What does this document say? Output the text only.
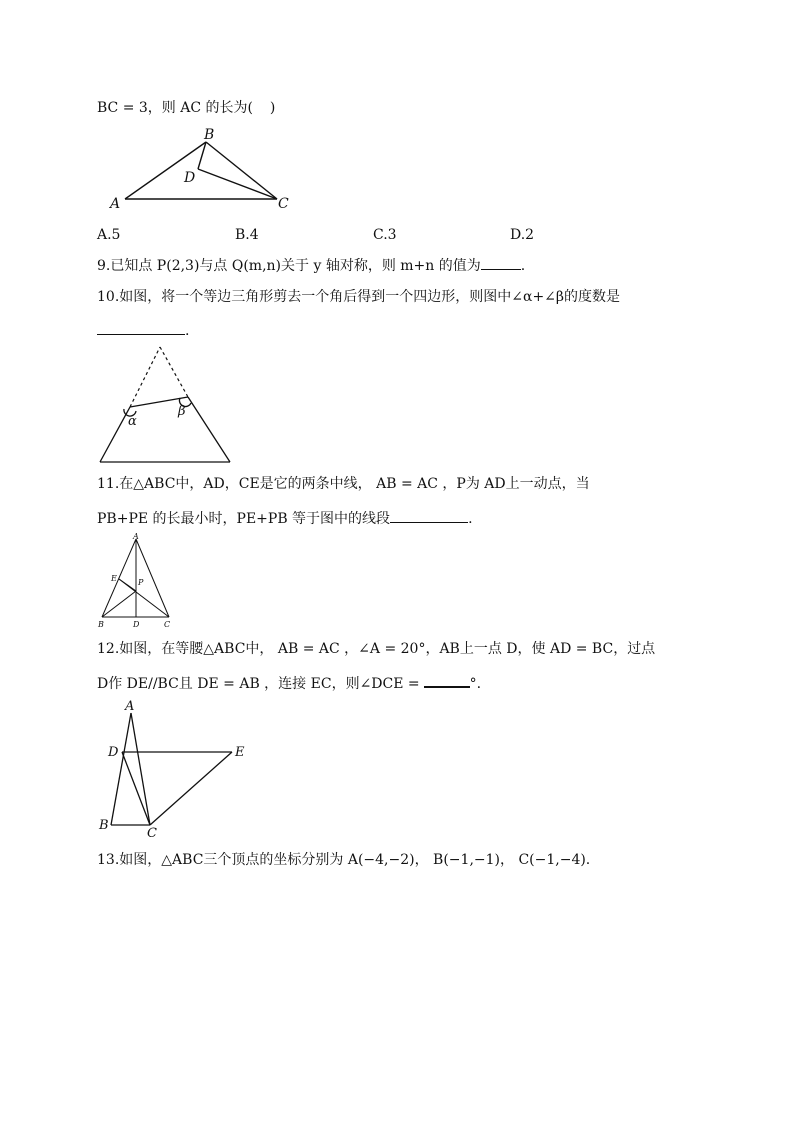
BC = 3，则 AC 的长为( )
A
B
C
D
A.5	B.4	C.3	D.2
9.已知点 P(2,3)与点 Q(m,n)关于 y 轴对称，则 m+n 的值为	.
10.如图，将一个等边三角形剪去一个角后得到一个四边形，则图中∠α+∠β的度数是
.
α
β
11.在△ABC中，AD，CE是它的两条中线， AB = AC ，P为 AD上一动点，当
PB+PE 的长最小时，PE+PB 等于图中的线段	.
A
B	C
D
E	P
12.如图，在等腰△ABC中， AB = AC ，∠A = 20°，AB上一点 D，使 AD = BC，过点
D作 DE//BC且 DE = AB ，连接 EC，则∠DCE =	°.
A
B
C
D	E
13.如图，△ABC三个顶点的坐标分别为 A(−4,−2)， B(−1,−1)， C(−1,−4).
